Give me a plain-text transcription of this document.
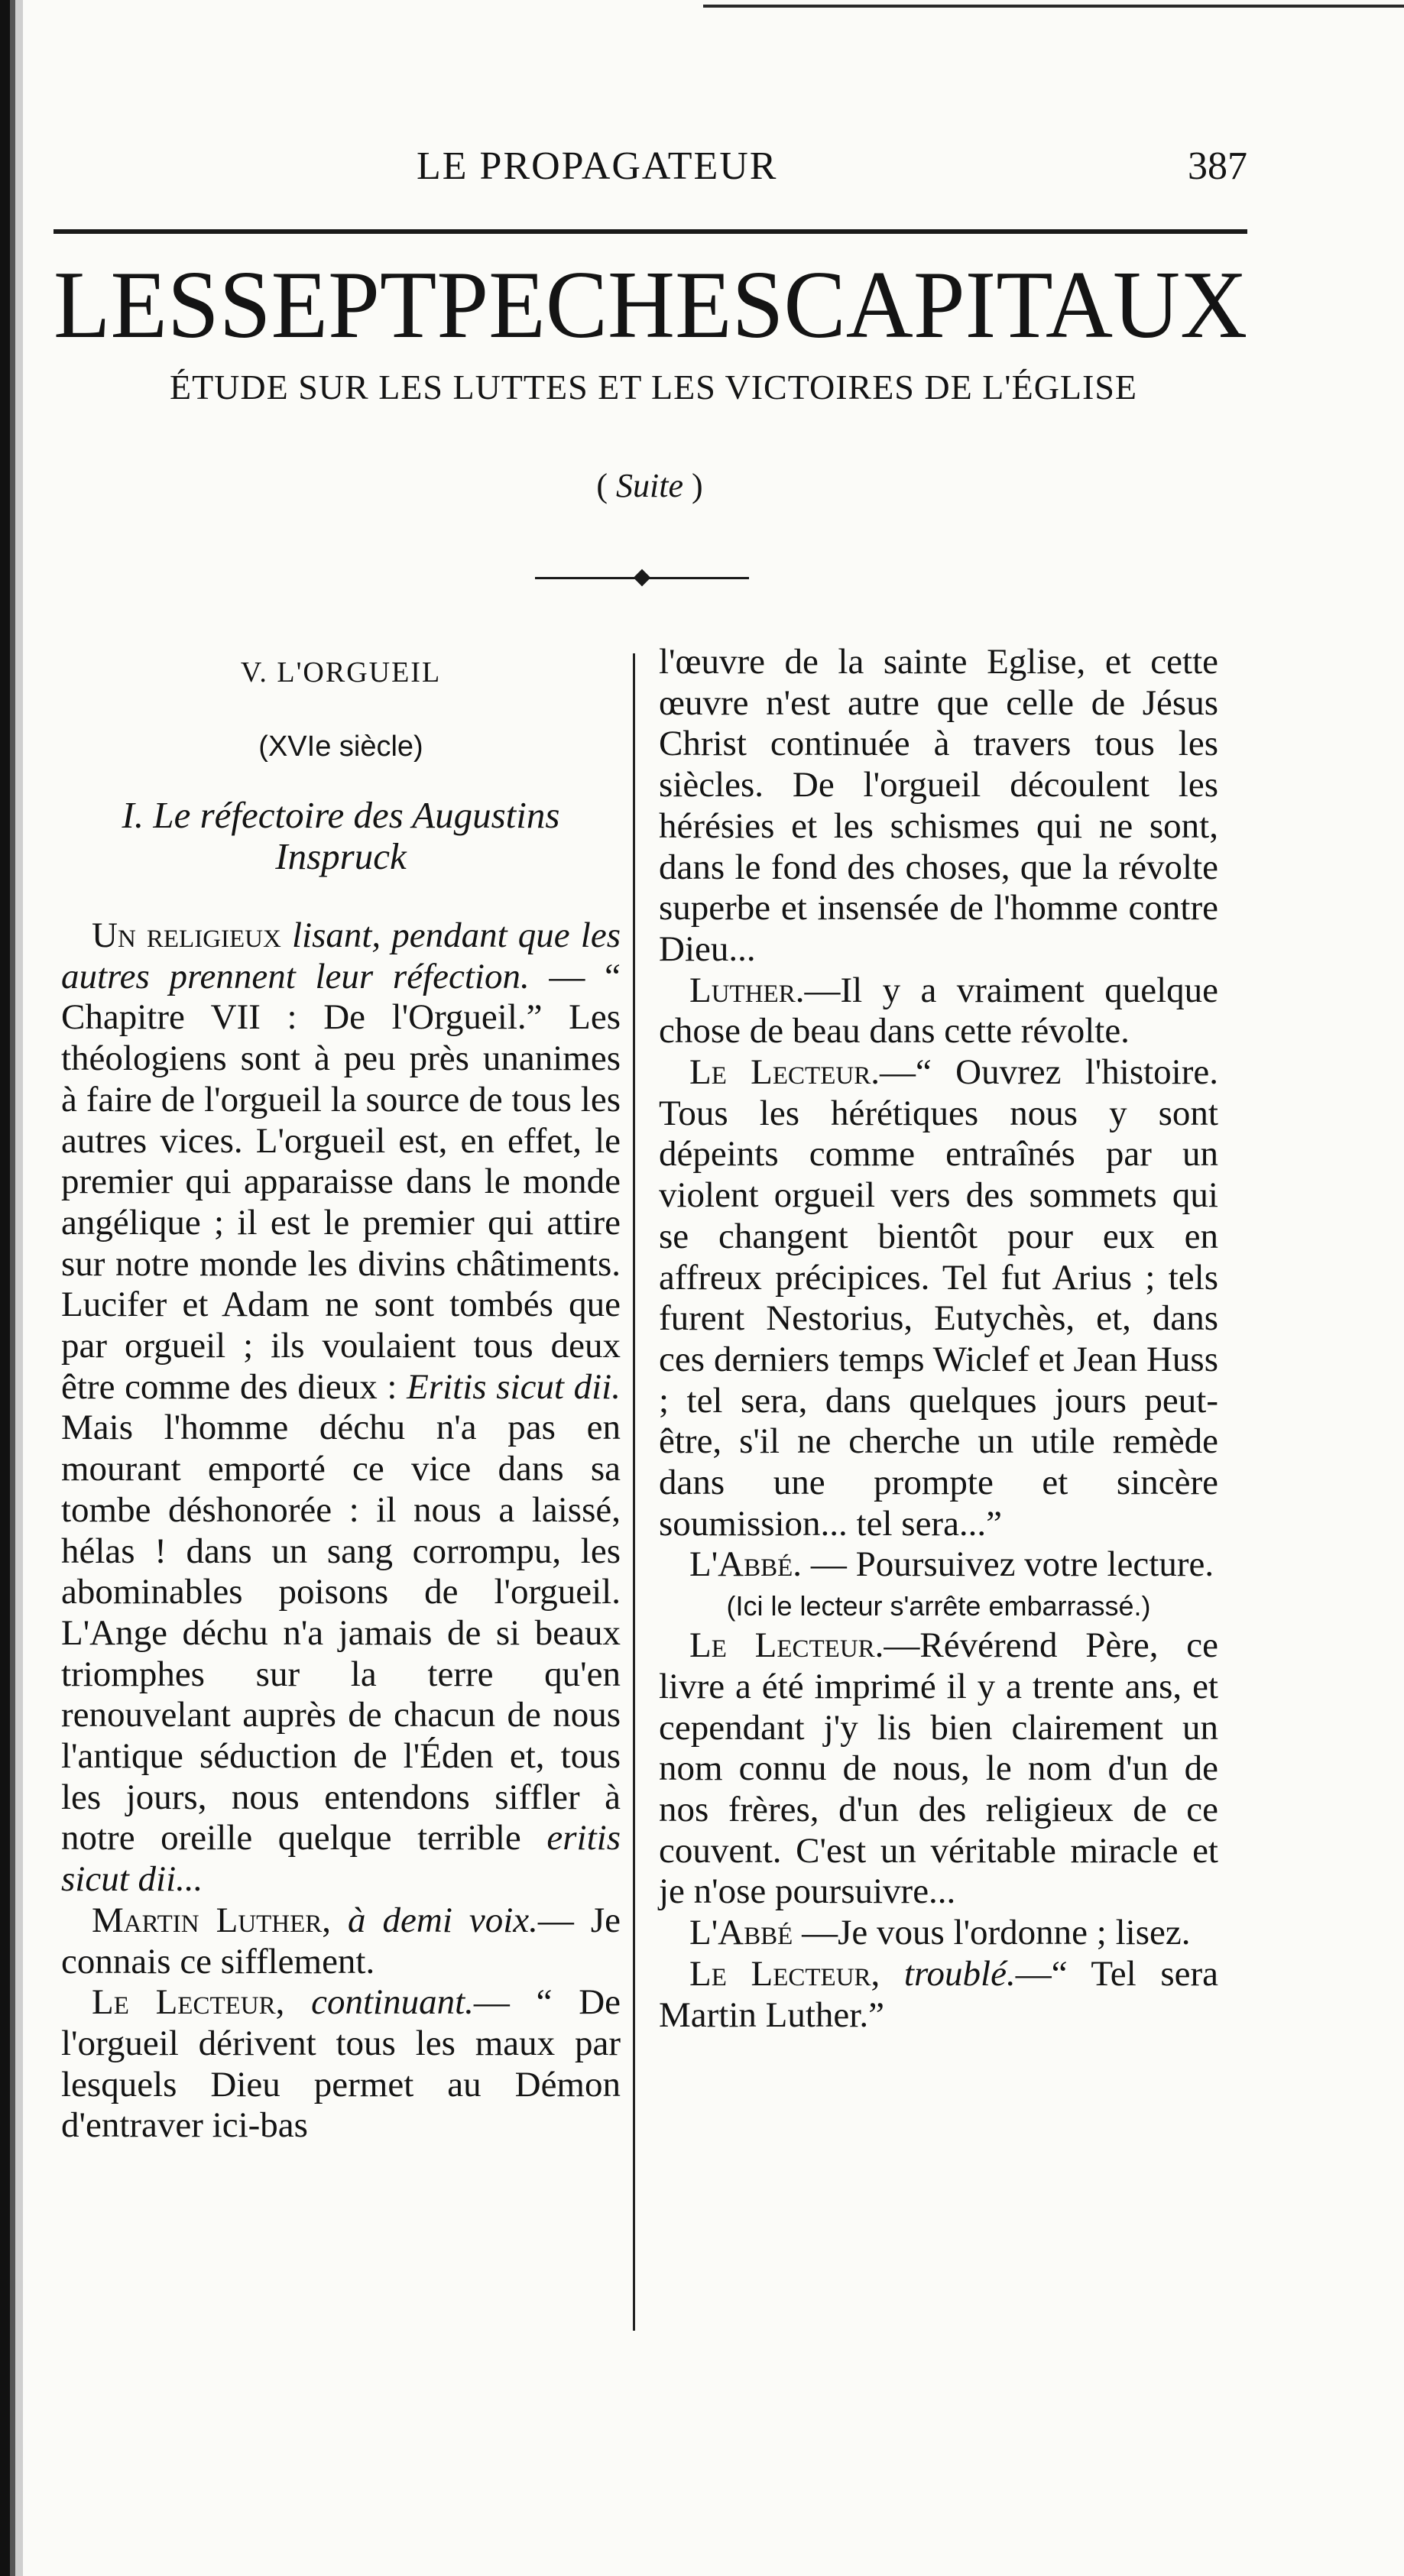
LE PROPAGATEUR	387
LES SEPT PECHES CAPITAUX
ÉTUDE SUR LES LUTTES ET LES VICTOIRES DE L'ÉGLISE
( Suite )
V. L'ORGUEIL
(XVIe siècle)
I. Le réfectoire des Augustins Inspruck

Un religieux lisant, pendant que les autres prennent leur réfection. — “ Chapitre VII : De l'Orgueil.” Les théologiens sont à peu près unanimes à faire de l'orgueil la source de tous les autres vices. L'orgueil est, en effet, le premier qui apparaisse dans le monde angélique ; il est le premier qui attire sur notre monde les divins châtiments. Lucifer et Adam ne sont tombés que par orgueil ; ils voulaient tous deux être comme des dieux : Eritis sicut dii. Mais l'homme déchu n'a pas en mourant emporté ce vice dans sa tombe déshonorée : il nous a laissé, hélas ! dans un sang corrompu, les abominables poisons de l'orgueil. L'Ange déchu n'a jamais de si beaux triomphes sur la terre qu'en renouvelant auprès de chacun de nous l'antique séduction de l'Éden et, tous les jours, nous entendons siffler à notre oreille quelque terrible eritis sicut dii...

Martin Luther, à demi voix.— Je connais ce sifflement.

Le Lecteur, continuant.— “ De l'orgueil dérivent tous les maux par lesquels Dieu permet au Démon d'entraver ici-bas

l'œuvre de la sainte Eglise, et cette œuvre n'est autre que celle de Jésus Christ continuée à travers tous les siècles. De l'orgueil découlent les hérésies et les schismes qui ne sont, dans le fond des choses, que la révolte superbe et insensée de l'homme contre Dieu...

Luther.—Il y a vraiment quelque chose de beau dans cette révolte.

Le Lecteur.—“ Ouvrez l'histoire. Tous les hérétiques nous y sont dépeints comme entraînés par un violent orgueil vers des sommets qui se changent bientôt pour eux en affreux précipices. Tel fut Arius ; tels furent Nestorius, Eutychès, et, dans ces derniers temps Wiclef et Jean Huss ; tel sera, dans quelques jours peut-être, s'il ne cherche un utile remède dans une prompte et sincère soumission... tel sera...”

L'Abbé. — Poursuivez votre lecture.

(Ici le lecteur s'arrête embarrassé.)

Le Lecteur.—Révérend Père, ce livre a été imprimé il y a trente ans, et cependant j'y lis bien clairement un nom connu de nous, le nom d'un de nos frères, d'un des religieux de ce couvent. C'est un véritable miracle et je n'ose poursuivre...

L'Abbé —Je vous l'ordonne ; lisez.

Le Lecteur, troublé.—“ Tel sera Martin Luther.”
